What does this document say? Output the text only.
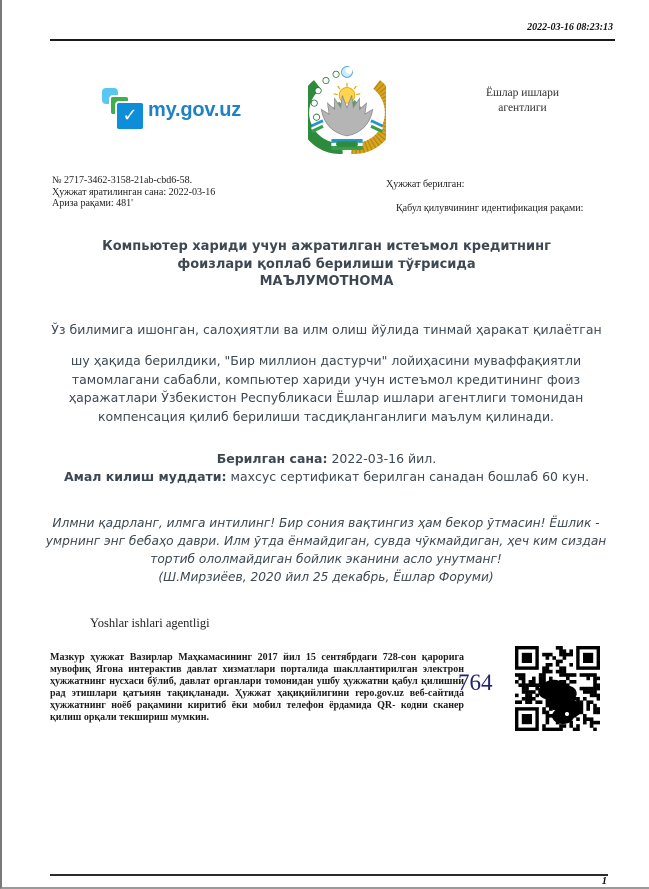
2022-03-16 08:23:13
✓ my.gov.uz
Ёшлар ишлари
агентлиги
№ 2717-3462-3158-21ab-cbd6-58.
Ҳужжат яратилинган сана: 2022-03-16
Ариза рақами: 481'
Ҳужжат берилган:
Қабул қилувчининг идентификация рақами:
Компьютер хариди учун ажратилган истеъмол кредитнинг
фоизлари қоплаб берилиши тўғрисида
МАЪЛУМОТНОМА
Ўз билимига ишонган, салоҳиятли ва илм олиш йўлида тинмай ҳаракат қилаётган
шу ҳақида берилдики, "Бир миллион дастурчи" лойиҳасини муваффақиятли тамомлагани сабабли, компьютер хариди учун истеъмол кредитининг фоиз ҳаражатлари Ўзбекистон Республикаси Ёшлар ишлари агентлиги томонидан компенсация қилиб берилиши тасдиқланганлиги маълум қилинади.
Берилган сана: 2022-03-16 йил.
Амал килиш муддати: махсус сертификат берилган санадан бошлаб 60 кун.
Илмни қадрланг, илмга интилинг! Бир сония вақтингиз ҳам бекор ўтмасин! Ёшлик - умрнинг энг бебаҳо даври. Илм ўтда ёнмайдиган, сувда чўкмайдиган, ҳеч ким сиздан тортиб ололмайдиган бойлик эканини асло унутманг!
(Ш.Мирзиёев, 2020 йил 25 декабрь, Ёшлар Форуми)
Yoshlar ishlari agentligi
Мазкур ҳужжат Вазирлар Маҳкамасининг 2017 йил 15 сентябрдаги 728-сон қарорига мувофиқ Ягона интерактив давлат хизматлари порталида шакллантирилган электрон ҳужжатнинг нусхаси бўлиб, давлат органлари томонидан ушбу ҳужжатни қабул қилишни рад этишлари қатъиян тақиқланади. Ҳужжат ҳақиқийлигини repo.gov.uz веб-сайтида ҳужжатнинг ноёб рақамини киритиб ёки мобил телефон ёрдамида QR- кодни сканер қилиш орқали текшириш мумкин.
764
1
